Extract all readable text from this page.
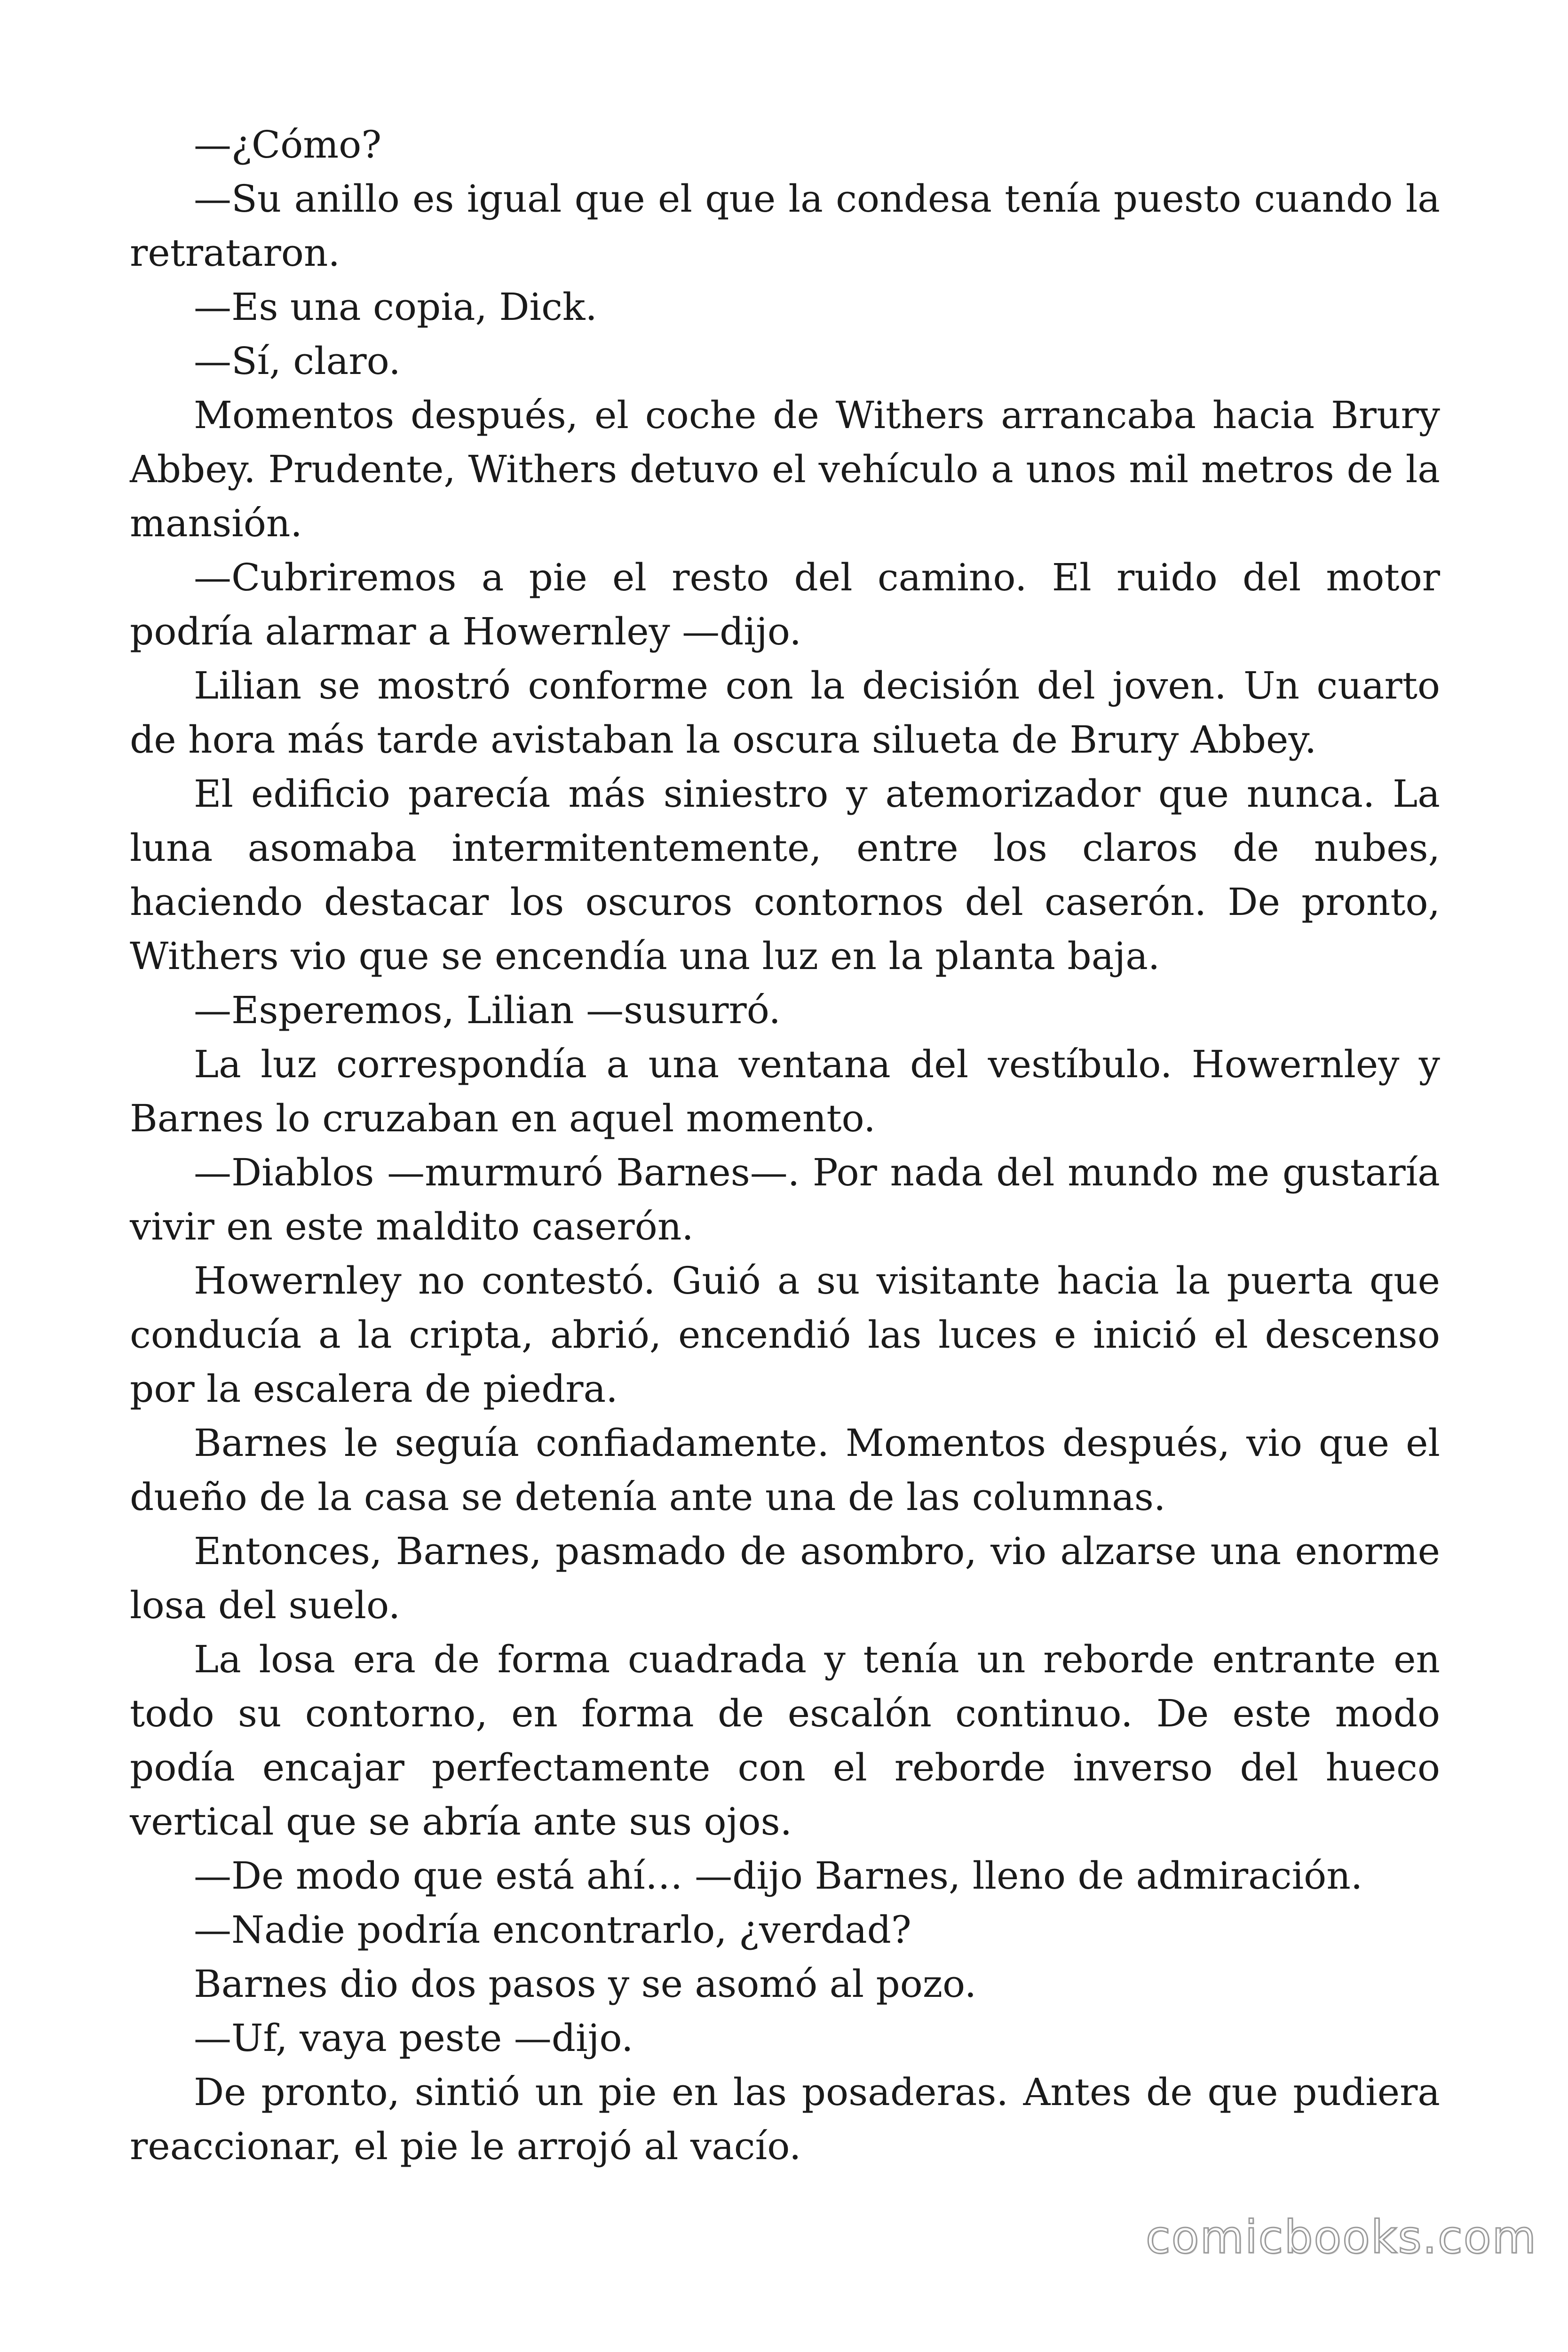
—¿Cómo?

—Su anillo es igual que el que la condesa tenía puesto cuando la retrataron.

—Es una copia, Dick.

—Sí, claro.

Momentos después, el coche de Withers arrancaba hacia Brury Abbey. Prudente, Withers detuvo el vehículo a unos mil metros de la mansión.

—Cubriremos a pie el resto del camino. El ruido del motor podría alarmar a Howernley —dijo.

Lilian se mostró conforme con la decisión del joven. Un cuarto de hora más tarde avistaban la oscura silueta de Brury Abbey.

El edificio parecía más siniestro y atemorizador que nunca. La luna asomaba intermitentemente, entre los claros de nubes, haciendo destacar los oscuros contornos del caserón. De pronto, Withers vio que se encendía una luz en la planta baja.

—Esperemos, Lilian —susurró.

La luz correspondía a una ventana del vestíbulo. Howernley y Barnes lo cruzaban en aquel momento.

—Diablos —murmuró Barnes—. Por nada del mundo me gustaría vivir en este maldito caserón.

Howernley no contestó. Guió a su visitante hacia la puerta que conducía a la cripta, abrió, encendió las luces e inició el descenso por la escalera de piedra.

Barnes le seguía confiadamente. Momentos después, vio que el dueño de la casa se detenía ante una de las columnas.

Entonces, Barnes, pasmado de asombro, vio alzarse una enorme losa del suelo.

La losa era de forma cuadrada y tenía un reborde entrante en todo su contorno, en forma de escalón continuo. De este modo podía encajar perfectamente con el reborde inverso del hueco vertical que se abría ante sus ojos.

—De modo que está ahí… —dijo Barnes, lleno de admiración.

—Nadie podría encontrarlo, ¿verdad?

Barnes dio dos pasos y se asomó al pozo.

—Uf, vaya peste —dijo.

De pronto, sintió un pie en las posaderas. Antes de que pudiera reaccionar, el pie le arrojó al vacío.

comicbooks.com
